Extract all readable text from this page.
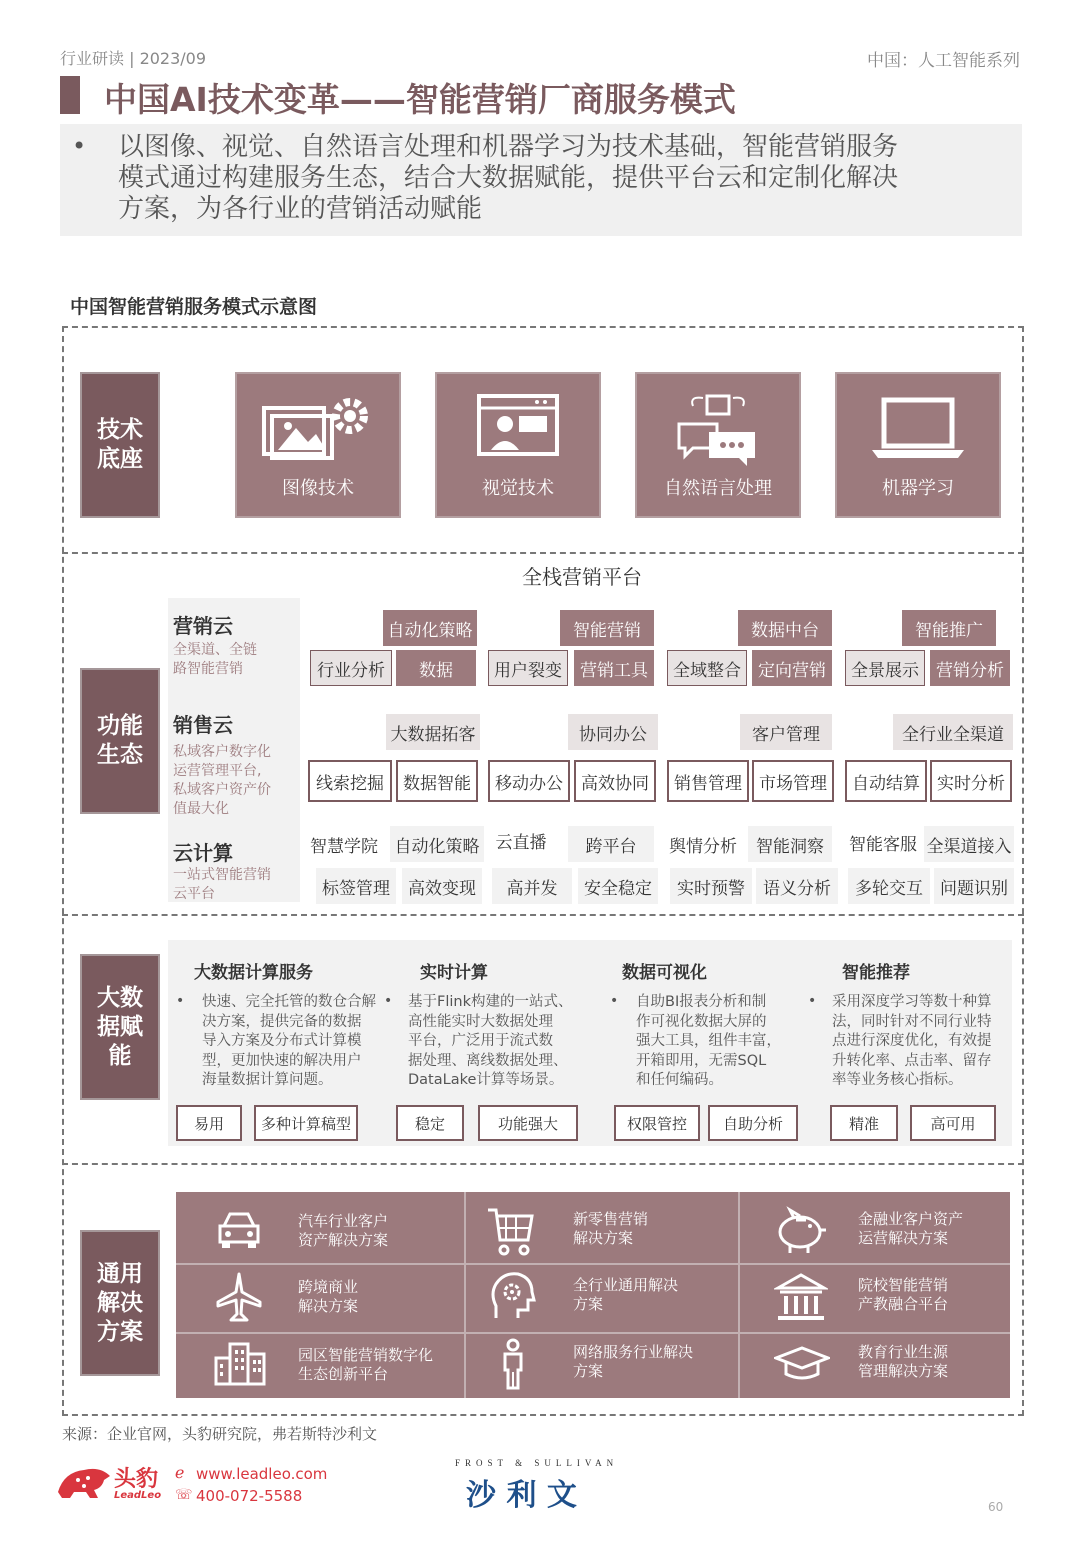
行业研读 | 2023/09	中国：人工智能系列
中国AI技术变革——智能营销厂商服务模式
• 以图像、视觉、自然语言处理和机器学习为技术基础，智能营销服务
模式通过构建服务生态，结合大数据赋能，提供平台云和定制化解决
方案，为各行业的营销活动赋能
中国智能营销服务模式示意图
技术
底座
功能
生态
大数
据赋
能
通用
解决
方案
图像技术	视觉技术	自然语言处理	机器学习
全栈营销平台
营销云
全渠道、全链
路智能营销
销售云
私域客户数字化
运营管理平台,
私域客户资产价
值最大化
云计算
一站式智能营销
云平台
自动化策略	智能营销	数据中台	智能推广
行业分析	数据	用户裂变	营销工具	全域整合	定向营销	全景展示	营销分析
大数据拓客	协同办公	客户管理	全行业全渠道
线索挖掘	数据智能	移动办公	高效协同	销售管理	市场管理	自动结算	实时分析
智慧学院 自动化策略 云直播	跨平台	舆情分析	智能洞察	智能客服 全渠道接入
标签管理	高效变现	高并发	安全稳定	实时预警	语义分析	多轮交互	问题识别
大数据计算服务
• 快速、完全托管的数仓合解
决方案，提供完备的数据
导入方案及分布式计算模
型，更加快速的解决用户
海量数据计算问题。
易用	多种计算稿型
实时计算
• 基于Flink构建的一站式、
高性能实时大数据处理
平台，广泛用于流式数
据处理、离线数据处理、
DataLake计算等场景。
稳定	功能强大
数据可视化
• 自助BI报表分析和制
作可视化数据大屏的
强大工具，组件丰富，
开箱即用，无需SQL
和任何编码。
权限管控	自助分析
智能推荐
• 采用深度学习等数十种算
法，同时针对不同行业特
点进行深度优化，有效提
升转化率、点击率、留存
率等业务核心指标。
精准	高可用
汽车行业客户
资产解决方案
新零售营销
解决方案
金融业客户资产
运营解决方案
跨境商业
解决方案
全行业通用解决
方案
院校智能营销
产教融合平台
园区智能营销数字化
生态创新平台
网络服务行业解决
方案
教育行业生源
管理解决方案
来源：企业官网，头豹研究院，弗若斯特沙利文
头豹
LeadLeo
ℯ www.leadleo.com
☏ 400-072-5588
FROST & SULLIVAN
沙 利 文	60
